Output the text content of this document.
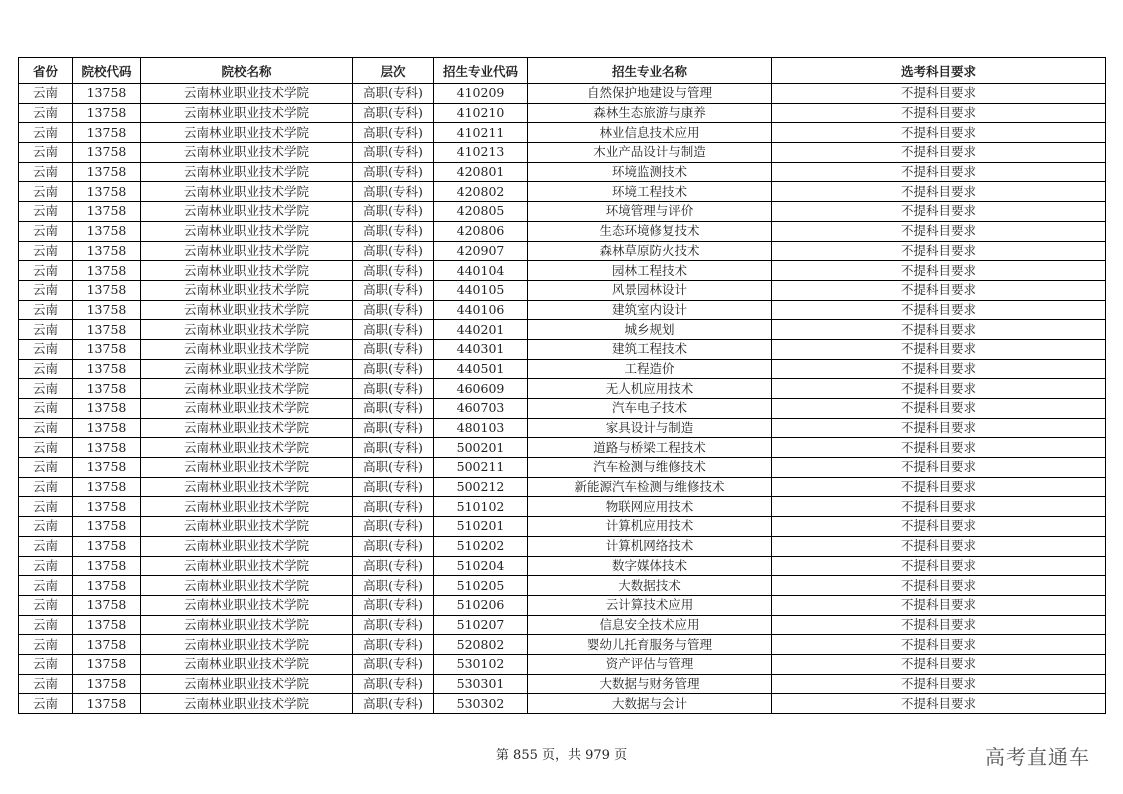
省份	院校代码	院校名称	层次	招生专业代码	招生专业名称	选考科目要求
云南	13758	云南林业职业技术学院	高职(专科)	410209	自然保护地建设与管理	不提科目要求
云南	13758	云南林业职业技术学院	高职(专科)	410210	森林生态旅游与康养	不提科目要求
云南	13758	云南林业职业技术学院	高职(专科)	410211	林业信息技术应用	不提科目要求
云南	13758	云南林业职业技术学院	高职(专科)	410213	木业产品设计与制造	不提科目要求
云南	13758	云南林业职业技术学院	高职(专科)	420801	环境监测技术	不提科目要求
云南	13758	云南林业职业技术学院	高职(专科)	420802	环境工程技术	不提科目要求
云南	13758	云南林业职业技术学院	高职(专科)	420805	环境管理与评价	不提科目要求
云南	13758	云南林业职业技术学院	高职(专科)	420806	生态环境修复技术	不提科目要求
云南	13758	云南林业职业技术学院	高职(专科)	420907	森林草原防火技术	不提科目要求
云南	13758	云南林业职业技术学院	高职(专科)	440104	园林工程技术	不提科目要求
云南	13758	云南林业职业技术学院	高职(专科)	440105	风景园林设计	不提科目要求
云南	13758	云南林业职业技术学院	高职(专科)	440106	建筑室内设计	不提科目要求
云南	13758	云南林业职业技术学院	高职(专科)	440201	城乡规划	不提科目要求
云南	13758	云南林业职业技术学院	高职(专科)	440301	建筑工程技术	不提科目要求
云南	13758	云南林业职业技术学院	高职(专科)	440501	工程造价	不提科目要求
云南	13758	云南林业职业技术学院	高职(专科)	460609	无人机应用技术	不提科目要求
云南	13758	云南林业职业技术学院	高职(专科)	460703	汽车电子技术	不提科目要求
云南	13758	云南林业职业技术学院	高职(专科)	480103	家具设计与制造	不提科目要求
云南	13758	云南林业职业技术学院	高职(专科)	500201	道路与桥梁工程技术	不提科目要求
云南	13758	云南林业职业技术学院	高职(专科)	500211	汽车检测与维修技术	不提科目要求
云南	13758	云南林业职业技术学院	高职(专科)	500212	新能源汽车检测与维修技术	不提科目要求
云南	13758	云南林业职业技术学院	高职(专科)	510102	物联网应用技术	不提科目要求
云南	13758	云南林业职业技术学院	高职(专科)	510201	计算机应用技术	不提科目要求
云南	13758	云南林业职业技术学院	高职(专科)	510202	计算机网络技术	不提科目要求
云南	13758	云南林业职业技术学院	高职(专科)	510204	数字媒体技术	不提科目要求
云南	13758	云南林业职业技术学院	高职(专科)	510205	大数据技术	不提科目要求
云南	13758	云南林业职业技术学院	高职(专科)	510206	云计算技术应用	不提科目要求
云南	13758	云南林业职业技术学院	高职(专科)	510207	信息安全技术应用	不提科目要求
云南	13758	云南林业职业技术学院	高职(专科)	520802	婴幼儿托育服务与管理	不提科目要求
云南	13758	云南林业职业技术学院	高职(专科)	530102	资产评估与管理	不提科目要求
云南	13758	云南林业职业技术学院	高职(专科)	530301	大数据与财务管理	不提科目要求
云南	13758	云南林业职业技术学院	高职(专科)	530302	大数据与会计	不提科目要求
第 855 页，共 979 页	高考直通车
